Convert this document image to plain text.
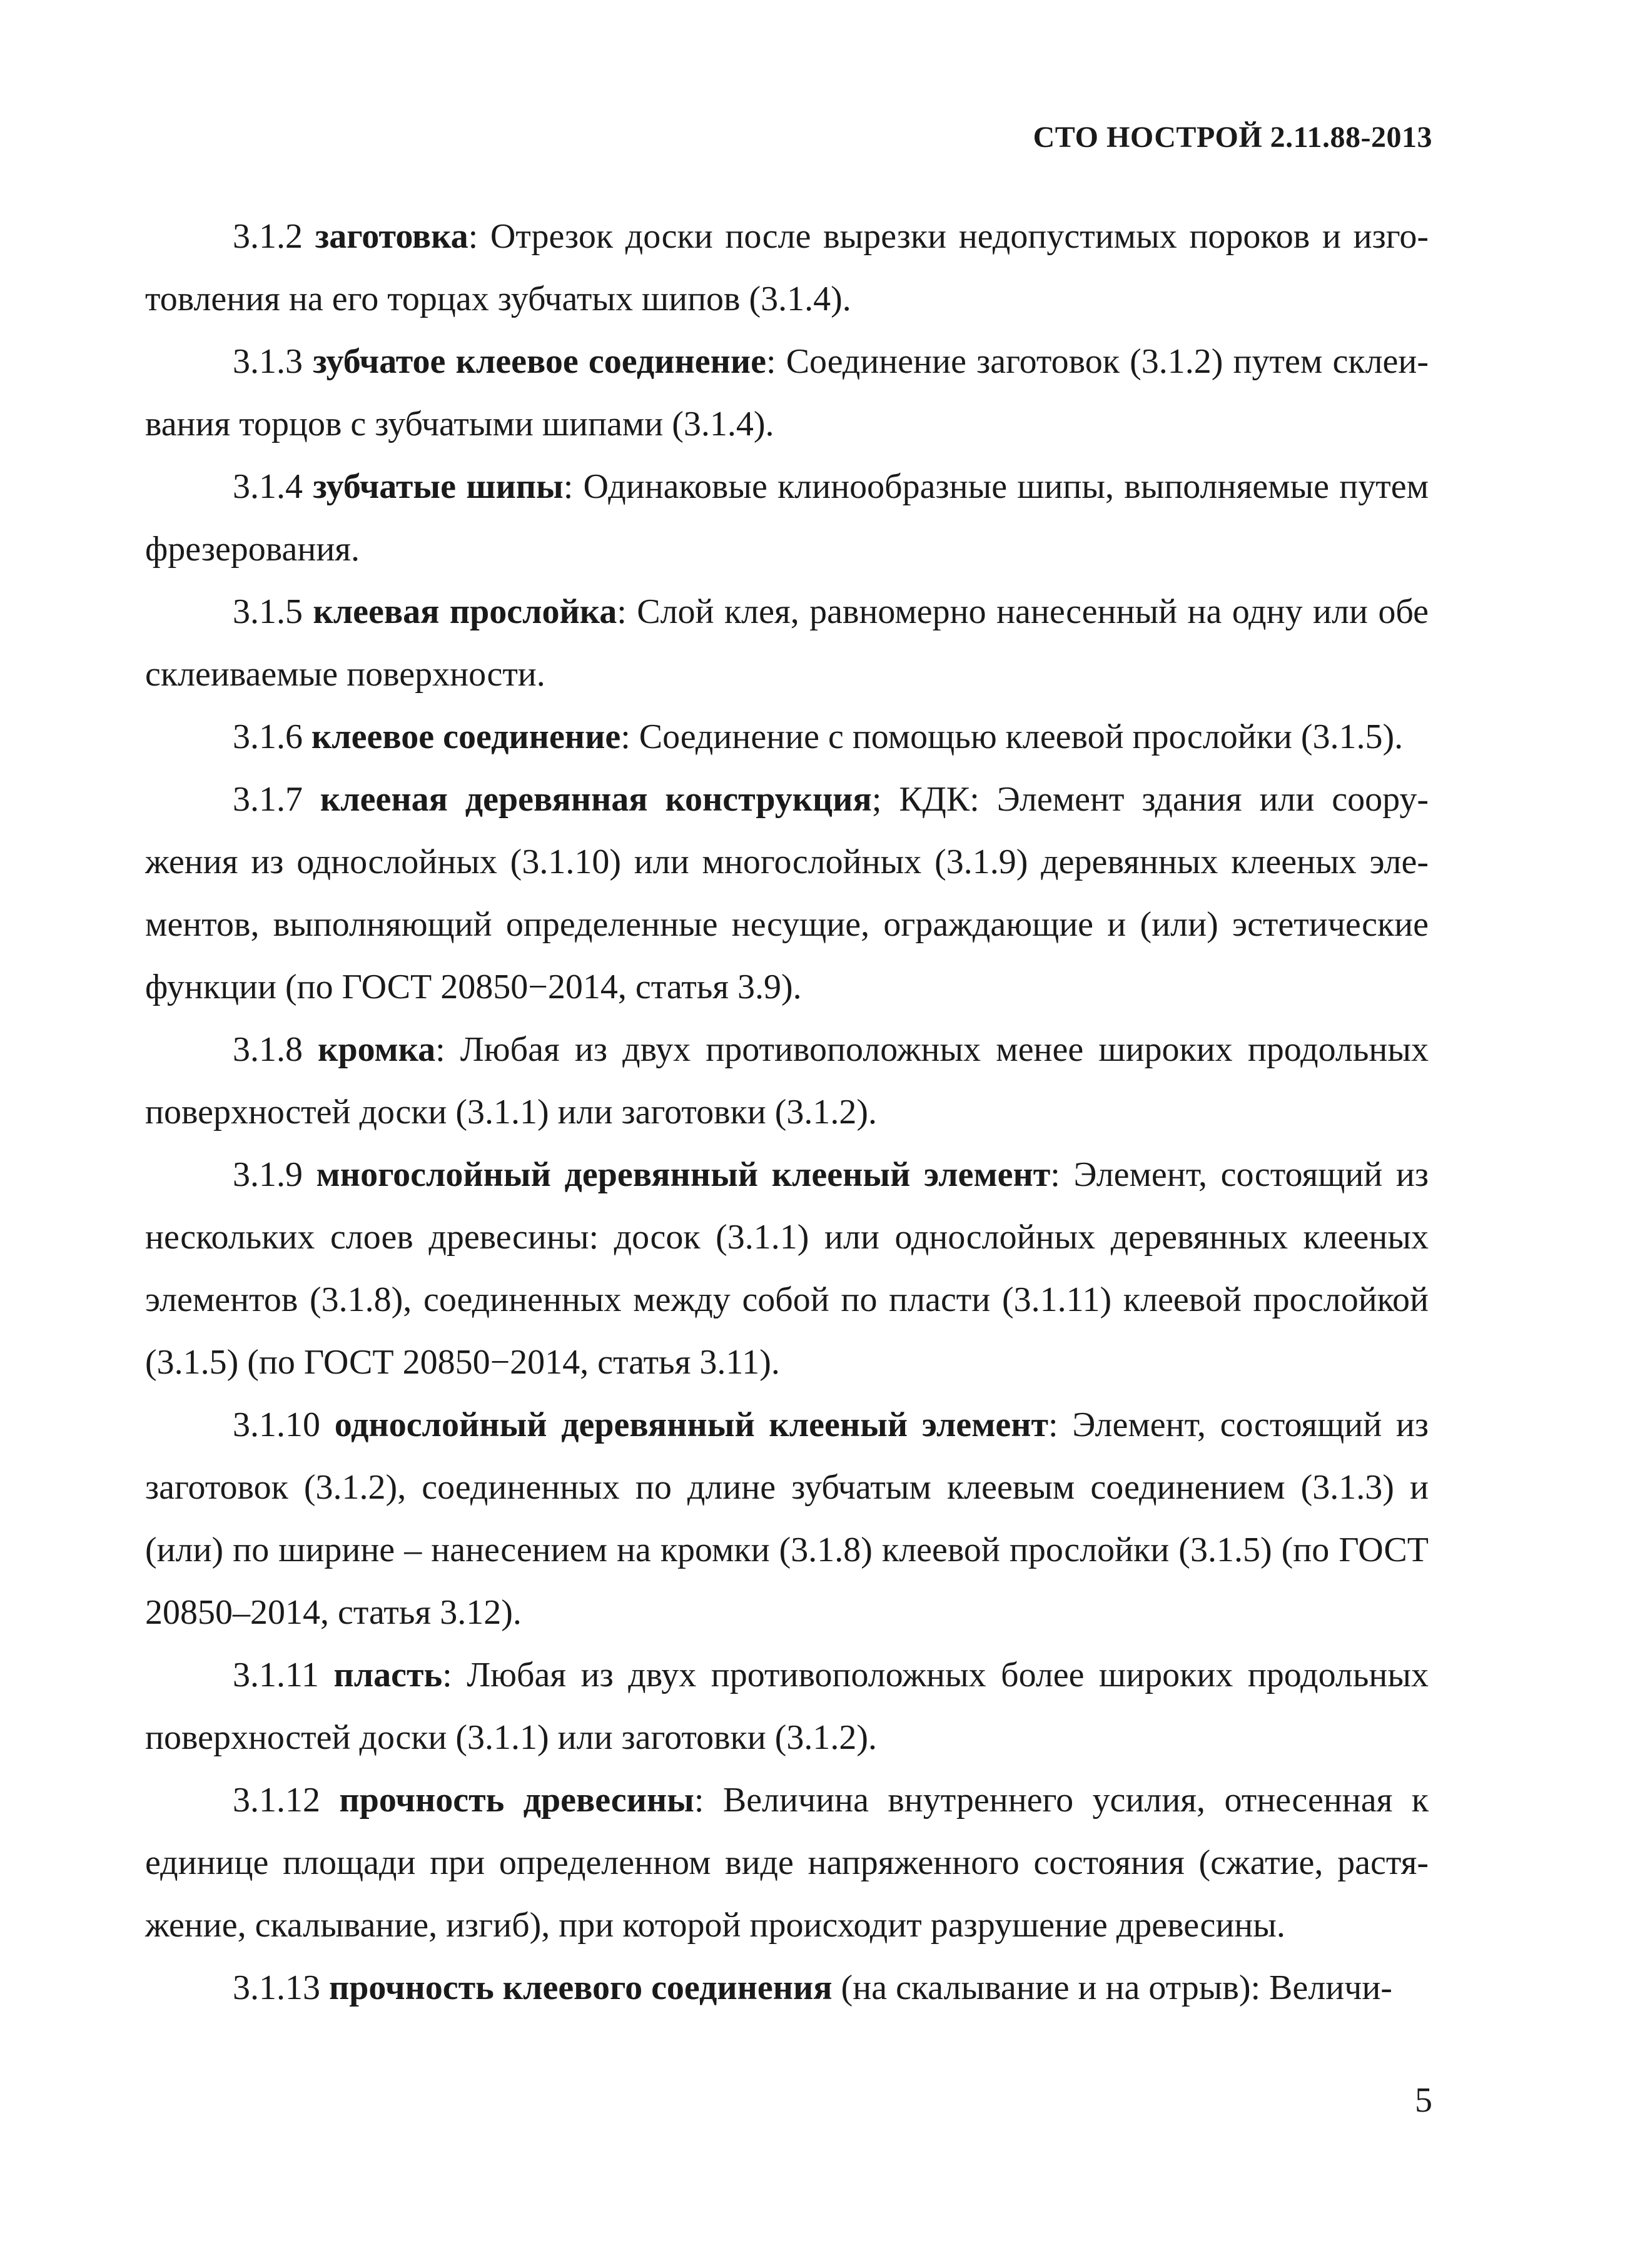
СТО НОСТРОЙ 2.11.88-2013

3.1.2 заготовка: Отрезок доски после вырезки недопустимых пороков и изготовления на его торцах зубчатых шипов (3.1.4).

3.1.3 зубчатое клеевое соединение: Соединение заготовок (3.1.2) путем склеивания торцов с зубчатыми шипами (3.1.4).

3.1.4 зубчатые шипы: Одинаковые клинообразные шипы, выполняемые путем фрезерования.

3.1.5 клеевая прослойка: Слой клея, равномерно нанесенный на одну или обе склеиваемые поверхности.

3.1.6 клеевое соединение: Соединение с помощью клеевой прослойки (3.1.5).

3.1.7 клееная деревянная конструкция; КДК: Элемент здания или сооружения из однослойных (3.1.10) или многослойных (3.1.9) деревянных клееных элементов, выполняющий определенные несущие, ограждающие и (или) эстетические функции (по ГОСТ 20850−2014, статья 3.9).

3.1.8 кромка: Любая из двух противоположных менее широких продольных поверхностей доски (3.1.1) или заготовки (3.1.2).

3.1.9 многослойный деревянный клееный элемент: Элемент, состоящий из нескольких слоев древесины: досок (3.1.1) или однослойных деревянных клееных элементов (3.1.8), соединенных между собой по пласти (3.1.11) клеевой прослойкой (3.1.5) (по ГОСТ 20850−2014, статья 3.11).

3.1.10 однослойный деревянный клееный элемент: Элемент, состоящий из заготовок (3.1.2), соединенных по длине зубчатым клеевым соединением (3.1.3) и (или) по ширине – нанесением на кромки (3.1.8) клеевой прослойки (3.1.5) (по ГОСТ 20850–2014, статья 3.12).

3.1.11 пласть: Любая из двух противоположных более широких продольных поверхностей доски (3.1.1) или заготовки (3.1.2).

3.1.12 прочность древесины: Величина внутреннего усилия, отнесенная к единице площади при определенном виде напряженного состояния (сжатие, растяжение, скалывание, изгиб), при которой происходит разрушение древесины.

3.1.13 прочность клеевого соединения (на скалывание и на отрыв): Величи-

5
